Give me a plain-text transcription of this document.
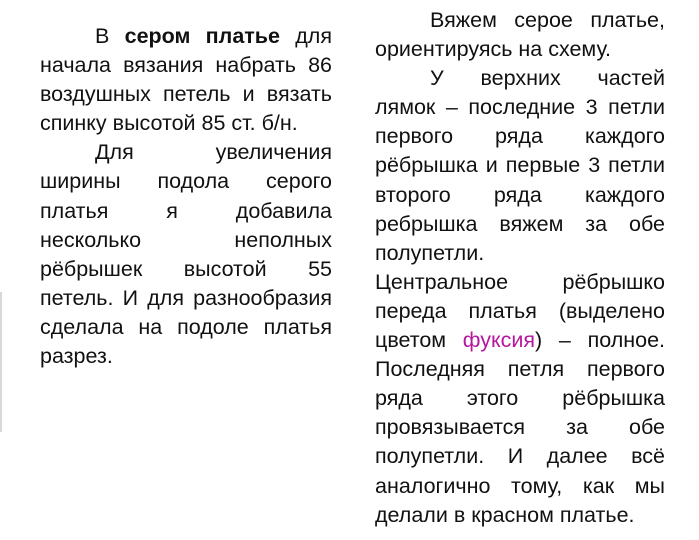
В сером платье для начала вязания набрать 86 воздушных петель и вязать спинку высотой 85 ст. б/н.

Для увеличения ширины подола серого платья я добавила несколько неполных рёбрышек высотой 55 петель. И для разнообразия сделала на подоле платья разрез.

Вяжем серое платье, ориентируясь на схему.

У верхних частей лямок – последние 3 петли первого ряда каждого рёбрышка и первые 3 петли второго ряда каждого ребрышка вяжем за обе полупетли.

Центральное рёбрышко переда платья (выделено цветом фуксия) – полное. Последняя петля первого ряда этого рёбрышка провязывается за обе полупетли. И далее всё аналогично тому, как мы делали в красном платье.
